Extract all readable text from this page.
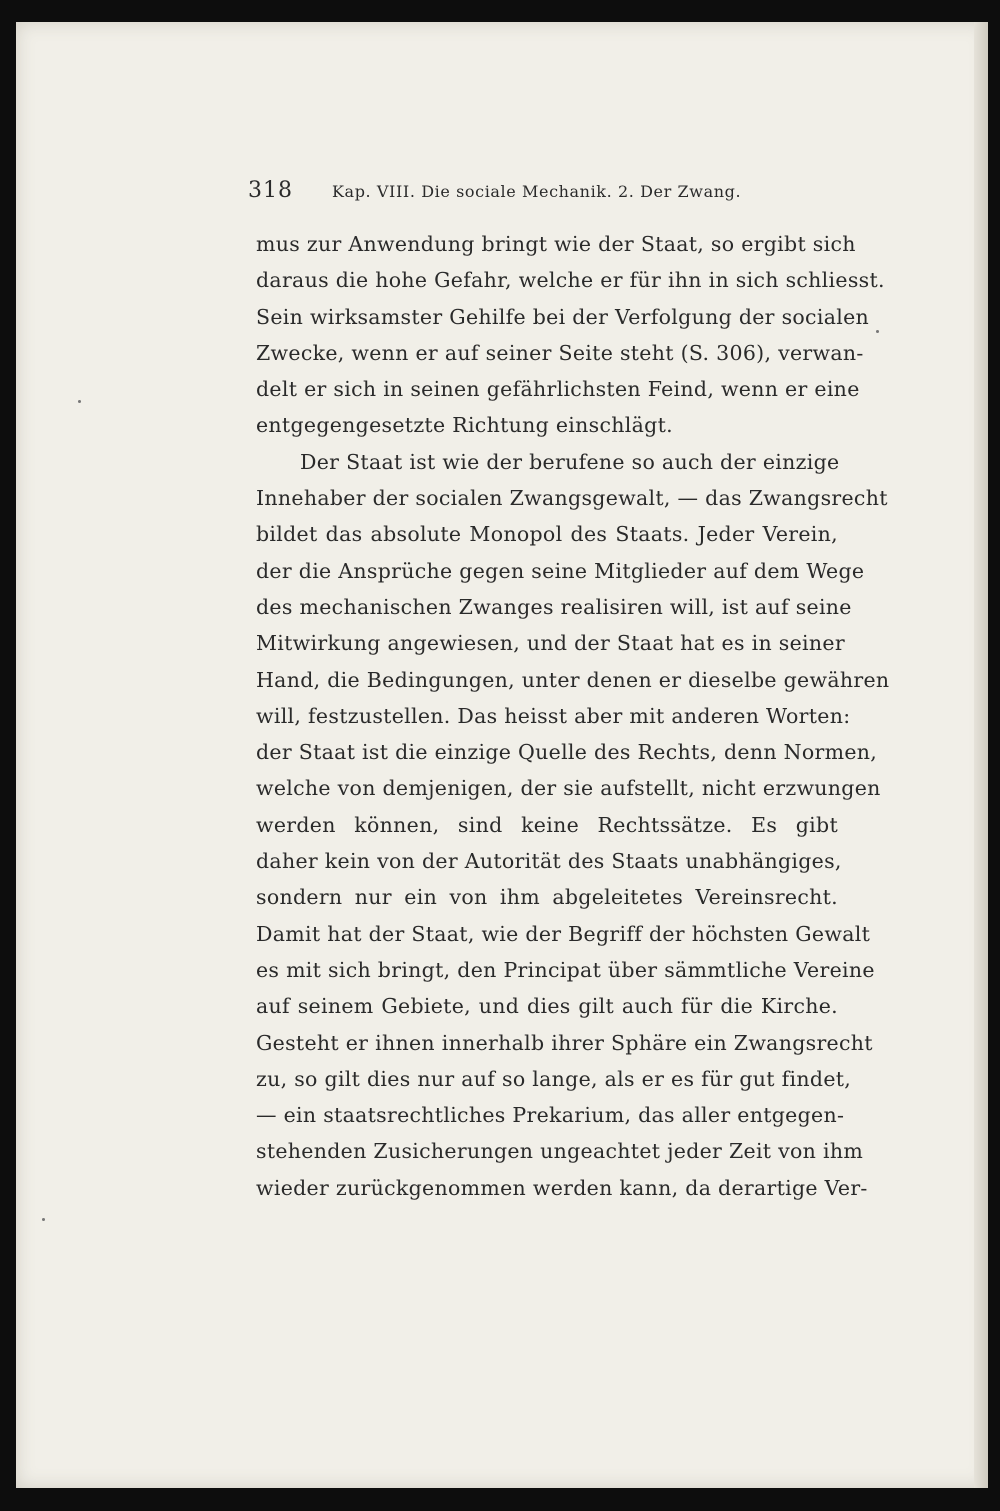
318 Kap. VIII. Die sociale Mechanik. 2. Der Zwang.
mus zur Anwendung bringt wie der Staat, so ergibt sich
daraus die hohe Gefahr, welche er für ihn in sich schliesst.
Sein wirksamster Gehilfe bei der Verfolgung der socialen
Zwecke, wenn er auf seiner Seite steht (S. 306), verwan-
delt er sich in seinen gefährlichsten Feind, wenn er eine
entgegengesetzte Richtung einschlägt.
Der Staat ist wie der berufene so auch der einzige
Innehaber der socialen Zwangsgewalt, — das Zwangsrecht
bildet das absolute Monopol des Staats. Jeder Verein,
der die Ansprüche gegen seine Mitglieder auf dem Wege
des mechanischen Zwanges realisiren will, ist auf seine
Mitwirkung angewiesen, und der Staat hat es in seiner
Hand, die Bedingungen, unter denen er dieselbe gewähren
will, festzustellen. Das heisst aber mit anderen Worten:
der Staat ist die einzige Quelle des Rechts, denn Normen,
welche von demjenigen, der sie aufstellt, nicht erzwungen
werden können, sind keine Rechtssätze. Es gibt
daher kein von der Autorität des Staats unabhängiges,
sondern nur ein von ihm abgeleitetes Vereinsrecht.
Damit hat der Staat, wie der Begriff der höchsten Gewalt
es mit sich bringt, den Principat über sämmtliche Vereine
auf seinem Gebiete, und dies gilt auch für die Kirche.
Gesteht er ihnen innerhalb ihrer Sphäre ein Zwangsrecht
zu, so gilt dies nur auf so lange, als er es für gut findet,
— ein staatsrechtliches Prekarium, das aller entgegen-
stehenden Zusicherungen ungeachtet jeder Zeit von ihm
wieder zurückgenommen werden kann, da derartige Ver-
